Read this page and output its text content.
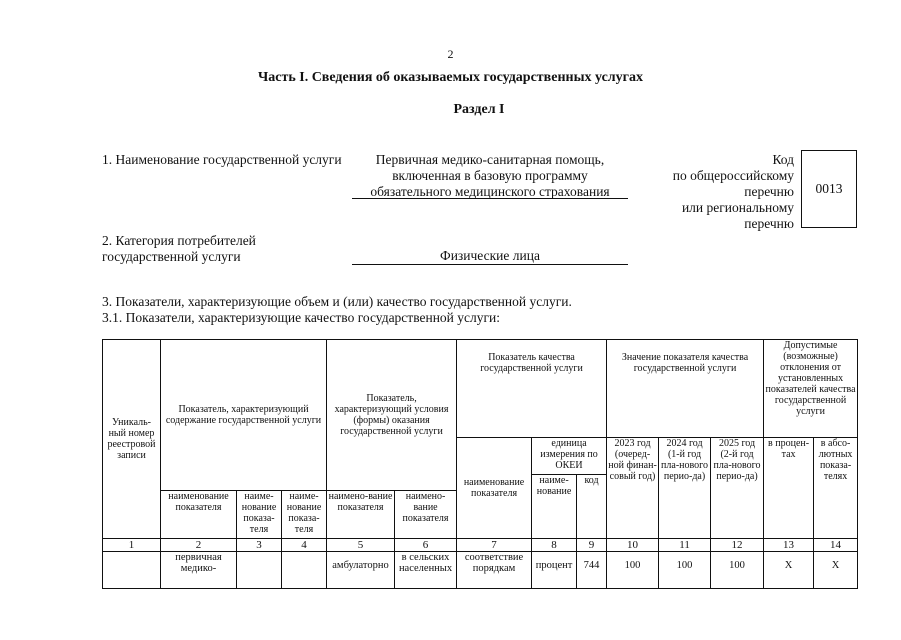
2
Часть I. Сведения об оказываемых государственных услугах
Раздел I
1. Наименование государственной услуги	Первичная медико-санитарная помощь,
включенная в базовую программу
обязательного медицинского страхования
Код
по общероссийскому
перечню
или региональному
перечню
0013
2. Категория потребителей
государственной услуги	Физические лица
3. Показатели, характеризующие объем и (или) качество государственной услуги.
3.1. Показатели, характеризующие качество государственной услуги:
Уникаль-ный номер реестровой записи	Показатель, характеризующий содержание государственной услуги			Показатель, характеризующий условия (формы) оказания государственной услуги		Показатель качества государственной услуги			Значение показателя качества государственной услуги			Допустимые (возможные) отклонения от установленных показателей качества государственной услуги	
						наименование показателя	единица измерения по ОКЕИ		2023 год (очеред-ной финан-совый год)	2024 год (1-й год пла-нового перио-да)	2025 год (2-й год пла-нового перио-да)	в процен-тах	в абсо-лютных показа-телях
							наиме-нование	код					
	наименование показателя	наиме-нование показа-теля	наиме-нование показа-теля	наимено-вание показателя	наимено-вание показателя								
1	2	3	4	5	6	7	8	9	10	11	12	13	14
	первичная медико-			амбулаторно	в сельских населенных	соответствие порядкам	процент	744	100	100	100	Х	Х
